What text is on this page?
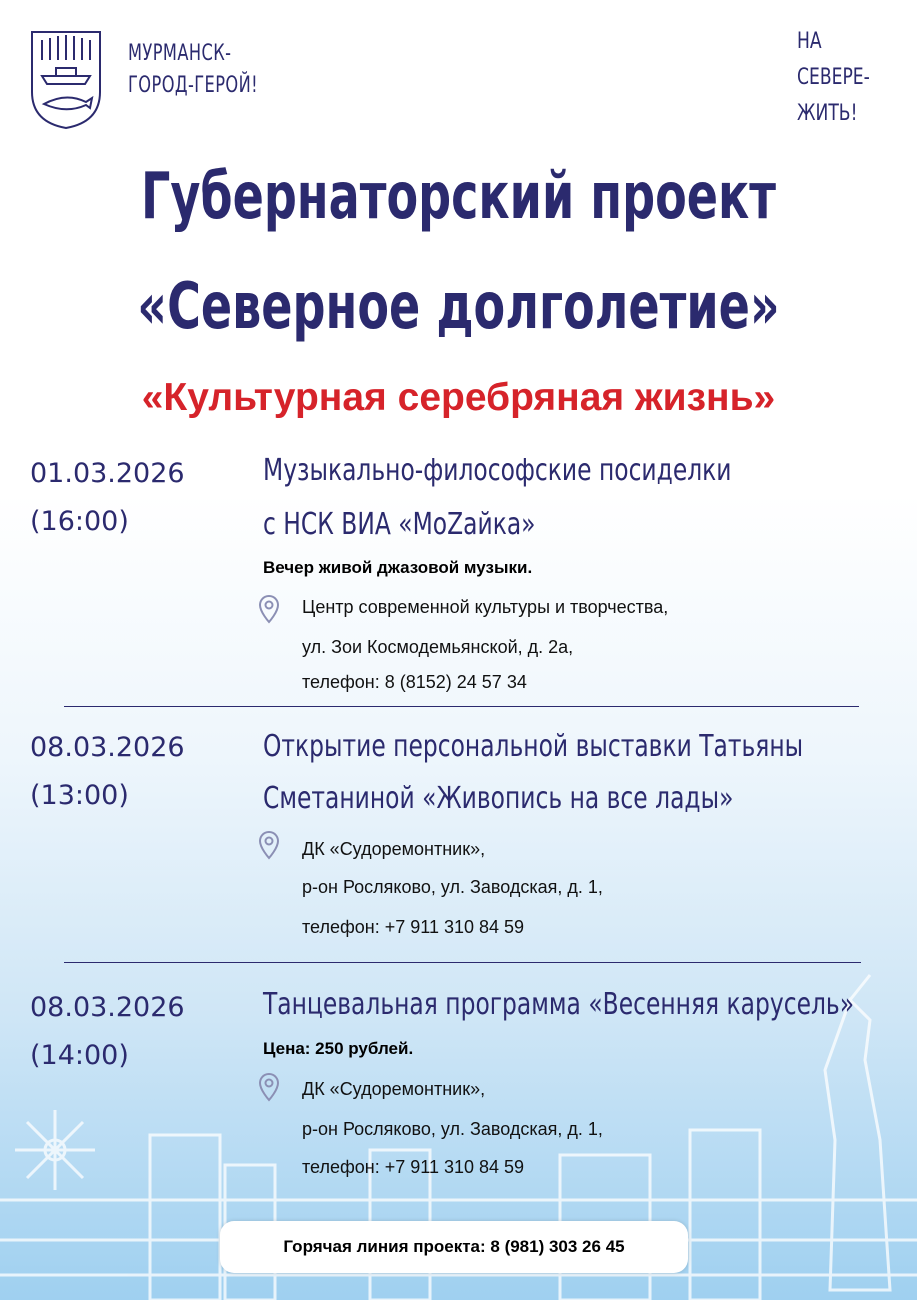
МУРМАНСК-
ГОРОД-ГЕРОЙ!
НА
СЕВЕРЕ-
ЖИТЬ!
Губернаторский проект
«Северное долголетие»
«Культурная серебряная жизнь»
01.03.2026
(16:00)
Музыкально-философские посиделки
с НСК ВИА «MoZайка»
Вечер живой джазовой музыки.
Центр современной культуры и творчества,
ул. Зои Космодемьянской, д. 2а,
телефон: 8 (8152) 24 57 34
08.03.2026
(13:00)
Открытие персональной выставки Татьяны
Сметаниной «Живопись на все лады»
ДК «Судоремонтник»,
р-он Росляково, ул. Заводская, д. 1,
телефон: +7 911 310 84 59
08.03.2026
(14:00)
Танцевальная программа «Весенняя карусель»
Цена: 250 рублей.
ДК «Судоремонтник»,
р-он Росляково, ул. Заводская, д. 1,
телефон: +7 911 310 84 59
Горячая линия проекта: 8 (981) 303 26 45
